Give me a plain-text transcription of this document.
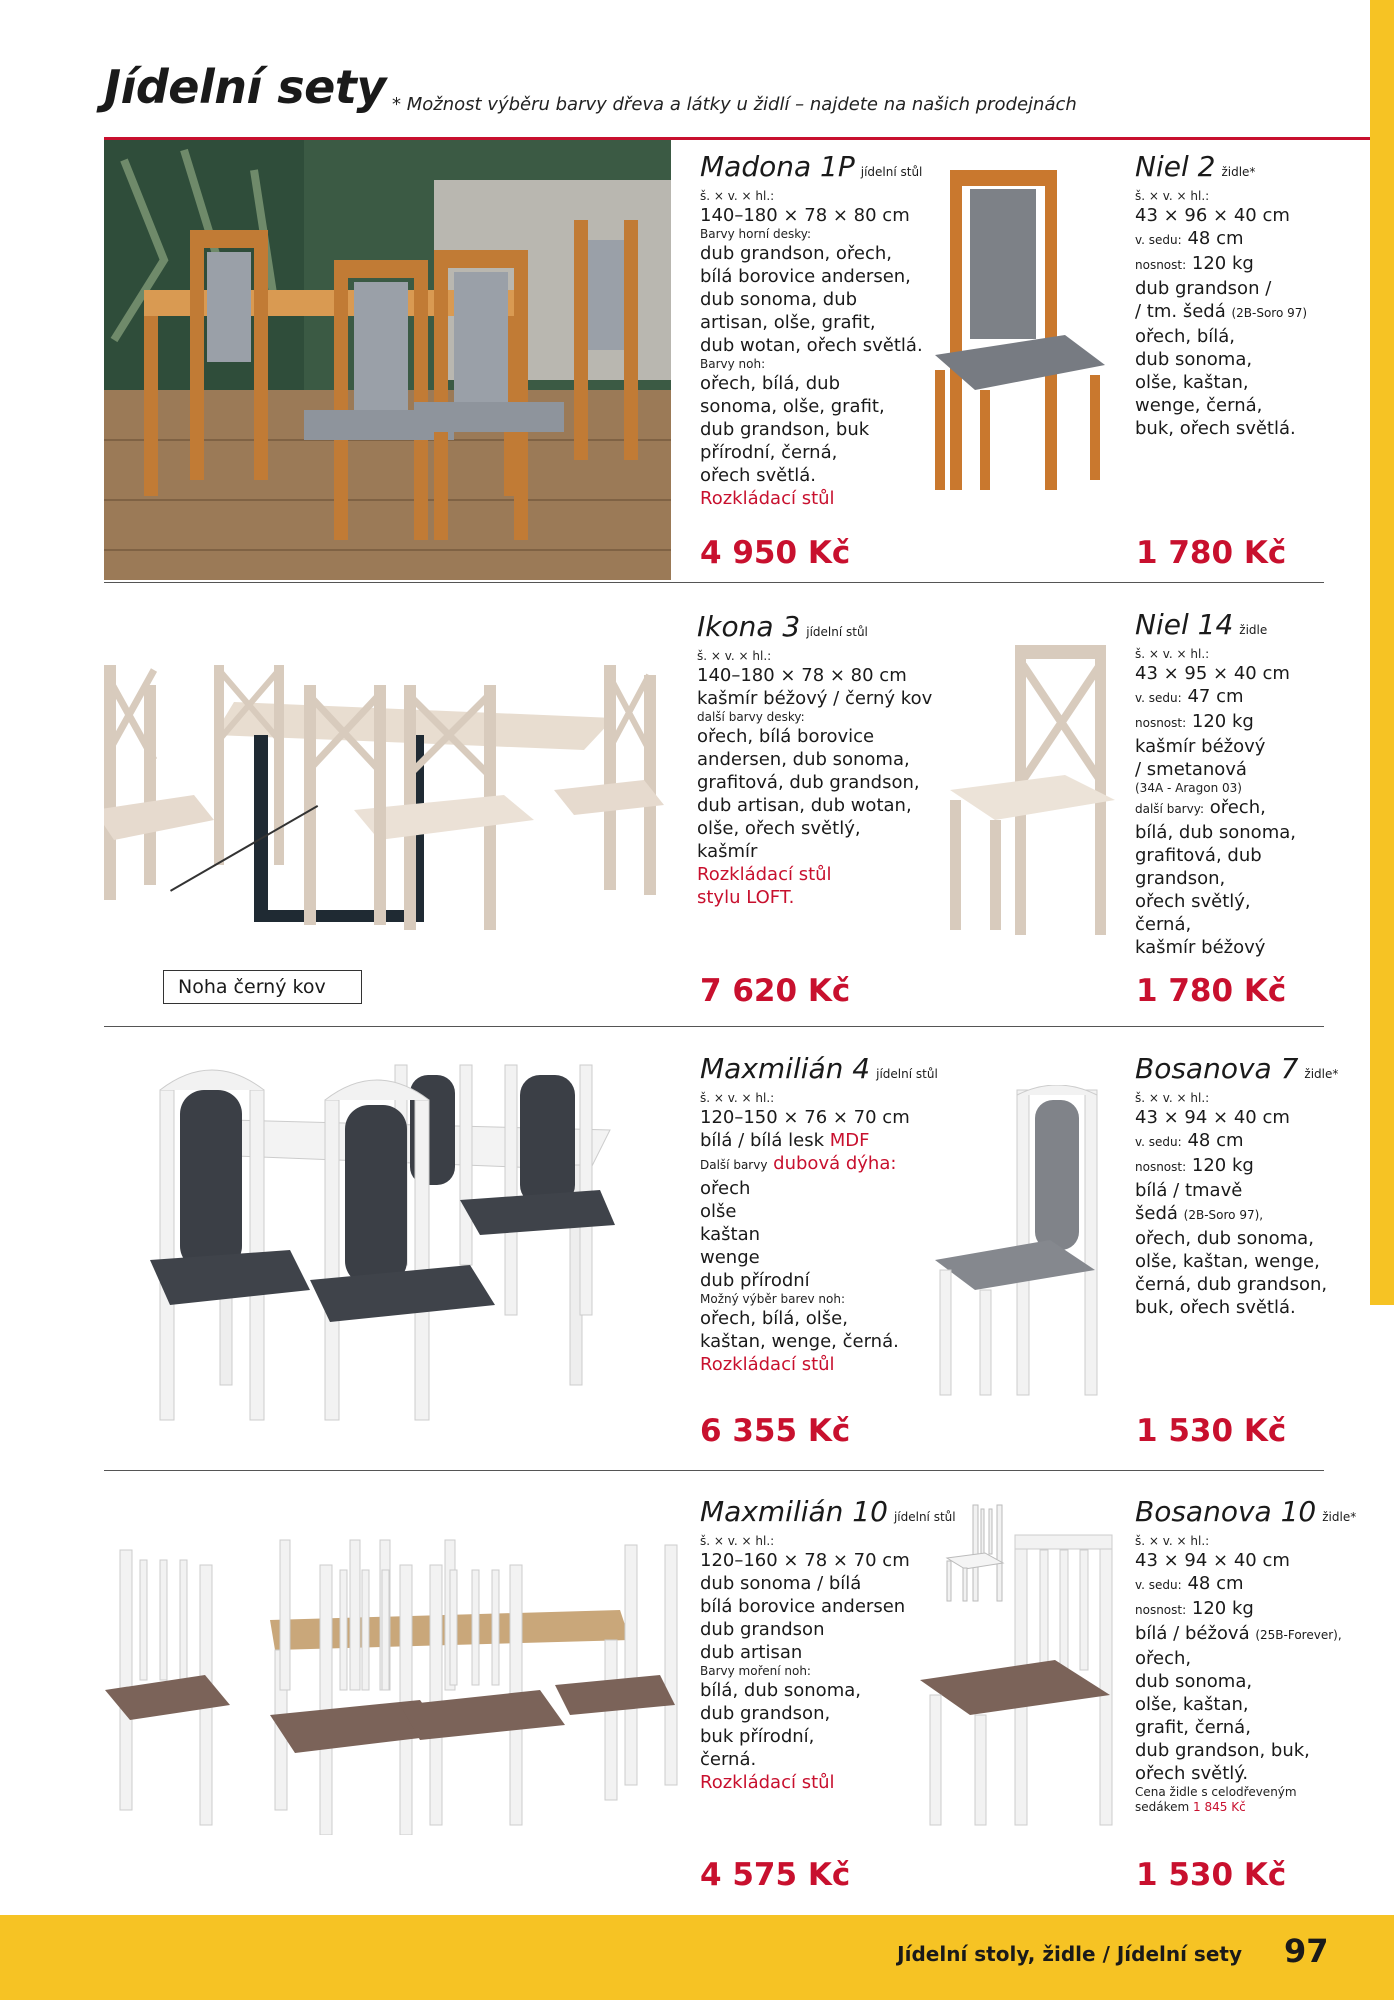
Jídelní sety * Možnost výběru barvy dřeva a látky u židlí – najdete na našich prodejnách
Madona 1P jídelní stůl
š. × v. × hl.:
140–180 × 78 × 80 cm
Barvy horní desky:
dub grandson, ořech,
bílá borovice andersen,
dub sonoma, dub
artisan, olše, grafit,
dub wotan, ořech světlá.
Barvy noh:
ořech, bílá, dub
sonoma, olše, grafit,
dub grandson, buk
přírodní, černá,
ořech světlá.
Rozkládací stůl
4 950 Kč
Niel 2 židle*
š. × v. × hl.:
43 × 96 × 40 cm
v. sedu: 48 cm
nosnost: 120 kg
dub grandson /
/ tm. šedá (2B-Soro 97)
ořech, bílá,
dub sonoma,
olše, kaštan,
wenge, černá,
buk, ořech světlá.
1 780 Kč
Noha černý kov
Ikona 3 jídelní stůl
š. × v. × hl.:
140–180 × 78 × 80 cm
kašmír béžový / černý kov
další barvy desky:
ořech, bílá borovice
andersen, dub sonoma,
grafitová, dub grandson,
dub artisan, dub wotan,
olše, ořech světlý,
kašmír
Rozkládací stůl
stylu LOFT.
7 620 Kč
Niel 14 židle
š. × v. × hl.:
43 × 95 × 40 cm
v. sedu: 47 cm
nosnost: 120 kg
kašmír béžový
/ smetanová
(34A - Aragon 03)
další barvy: ořech,
bílá, dub sonoma,
grafitová, dub
grandson,
ořech světlý,
černá,
kašmír béžový
1 780 Kč
Maxmilián 4 jídelní stůl
š. × v. × hl.:
120–150 × 76 × 70 cm
bílá / bílá lesk MDF
Další barvy dubová dýha:
ořech
olše
kaštan
wenge
dub přírodní
Možný výběr barev noh:
ořech, bílá, olše,
kaštan, wenge, černá.
Rozkládací stůl
6 355 Kč
Bosanova 7 židle*
š. × v. × hl.:
43 × 94 × 40 cm
v. sedu: 48 cm
nosnost: 120 kg
bílá / tmavě
šedá (2B-Soro 97),
ořech, dub sonoma,
olše, kaštan, wenge,
černá, dub grandson,
buk, ořech světlá.
1 530 Kč
Maxmilián 10 jídelní stůl
š. × v. × hl.:
120–160 × 78 × 70 cm
dub sonoma / bílá
bílá borovice andersen
dub grandson
dub artisan
Barvy moření noh:
bílá, dub sonoma,
dub grandson,
buk přírodní,
černá.
Rozkládací stůl
4 575 Kč
Bosanova 10 židle*
š. × v. × hl.:
43 × 94 × 40 cm
v. sedu: 48 cm
nosnost: 120 kg
bílá / béžová (25B-Forever),
ořech,
dub sonoma,
olše, kaštan,
grafit, černá,
dub grandson, buk,
ořech světlý.
Cena židle s celodřeveným
sedákem 1 845 Kč
1 530 Kč
Jídelní stoly, židle / Jídelní sety 97
